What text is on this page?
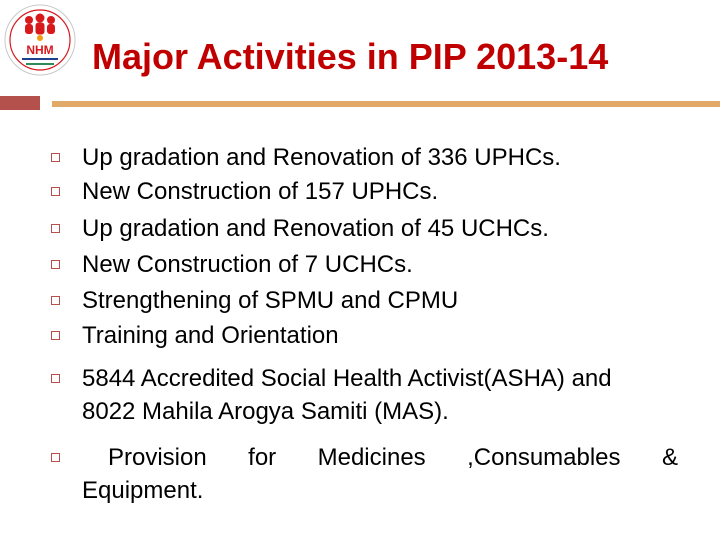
NHM Major Activities in PIP 2013-14
Up gradation and Renovation of 336 UPHCs.
New Construction of 157 UPHCs.
Up gradation and Renovation of 45 UCHCs.
New Construction of 7 UCHCs.
Strengthening of SPMU and CPMU
Training and Orientation
5844 Accredited Social Health Activist(ASHA) and
8022 Mahila Arogya Samiti (MAS).
Provision for Medicines ,Consumables &
Equipment.
